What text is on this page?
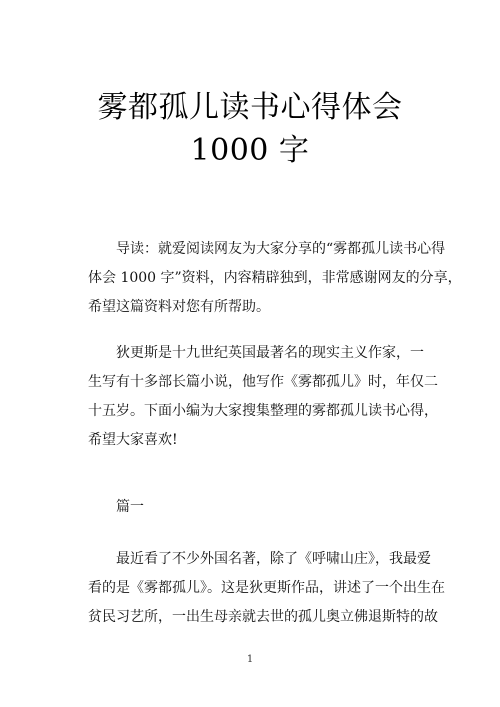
雾都孤儿读书心得体会
1000 字
导读：就爱阅读网友为大家分享的“雾都孤儿读书心得
体会 1000 字”资料，内容精辟独到，非常感谢网友的分享，
希望这篇资料对您有所帮助。
狄更斯是十九世纪英国最著名的现实主义作家，一
生写有十多部长篇小说，他写作《雾都孤儿》时，年仅二
十五岁。下面小编为大家搜集整理的雾都孤儿读书心得，
希望大家喜欢!
篇一
最近看了不少外国名著，除了《呼啸山庄》，我最爱
看的是《雾都孤儿》。这是狄更斯作品，讲述了一个出生在
贫民习艺所，一出生母亲就去世的孤儿奥立佛退斯特的故
1
